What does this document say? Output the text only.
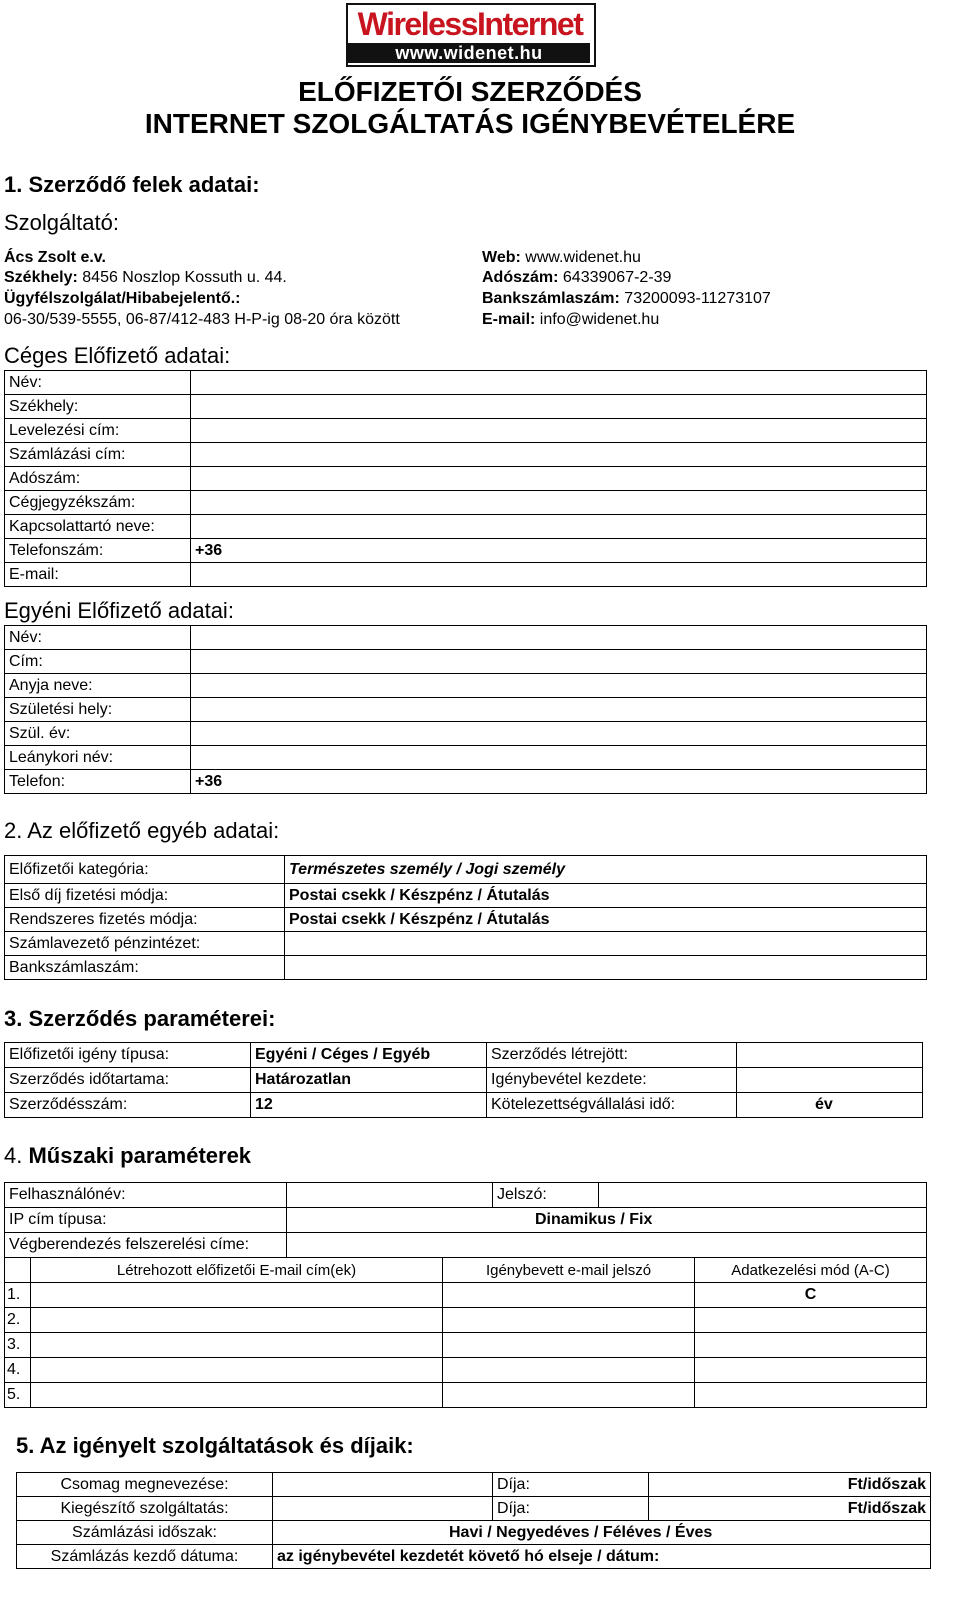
WirelessInternet
www.widenet.hu
ELŐFIZETŐI SZERZŐDÉS
INTERNET SZOLGÁLTATÁS IGÉNYBEVÉTELÉRE
1. Szerződő felek adatai:
Szolgáltató:
Ács Zsolt e.v.
Székhely: 8456 Noszlop Kossuth u. 44.
Ügyfélszolgálat/Hibabejelentő.:
06-30/539-5555, 06-87/412-483 H-P-ig 08-20 óra között
Web: www.widenet.hu
Adószám: 64339067-2-39
Bankszámlaszám: 73200093-11273107
E-mail: info@widenet.hu
Céges Előfizető adatai:
Név:	
Székhely:	
Levelezési cím:	
Számlázási cím:	
Adószám:	
Cégjegyzékszám:	
Kapcsolattartó neve:	
Telefonszám:	+36
E-mail:	
Egyéni Előfizető adatai:
Név:	
Cím:	
Anyja neve:	
Születési hely:	
Szül. év:	
Leánykori név:	
Telefon:	+36
2. Az előfizető egyéb adatai:
Előfizetői kategória:	Természetes személy / Jogi személy
Első díj fizetési módja:	Postai csekk / Készpénz / Átutalás
Rendszeres fizetés módja:	Postai csekk / Készpénz / Átutalás
Számlavezető pénzintézet:	
Bankszámlaszám:	
3. Szerződés paraméterei:
Előfizetői igény típusa:	Egyéni / Céges / Egyéb	Szerződés létrejött:	
Szerződés időtartama:	Határozatlan	Igénybevétel kezdete:	
Szerződésszám:	12	Kötelezettségvállalási idő:	év
4. Műszaki paraméterek
Felhasználónév:		Jelszó:	
IP cím típusa:	Dinamikus / Fix		
Végberendezés felszerelési címe:			
	Létrehozott előfizetői E-mail cím(ek)	Igénybevett e-mail jelszó	Adatkezelési mód (A-C)
1.			C
2.			
3.			
4.			
5.			
5. Az igényelt szolgáltatások és díjaik:
Csomag megnevezése:		Díja:	Ft/időszak
Kiegészítő szolgáltatás:		Díja:	Ft/időszak
Számlázási időszak:	Havi / Negyedéves / Féléves / Éves		
Számlázás kezdő dátuma:	az igénybevétel kezdetét követő hó elseje / dátum:		
